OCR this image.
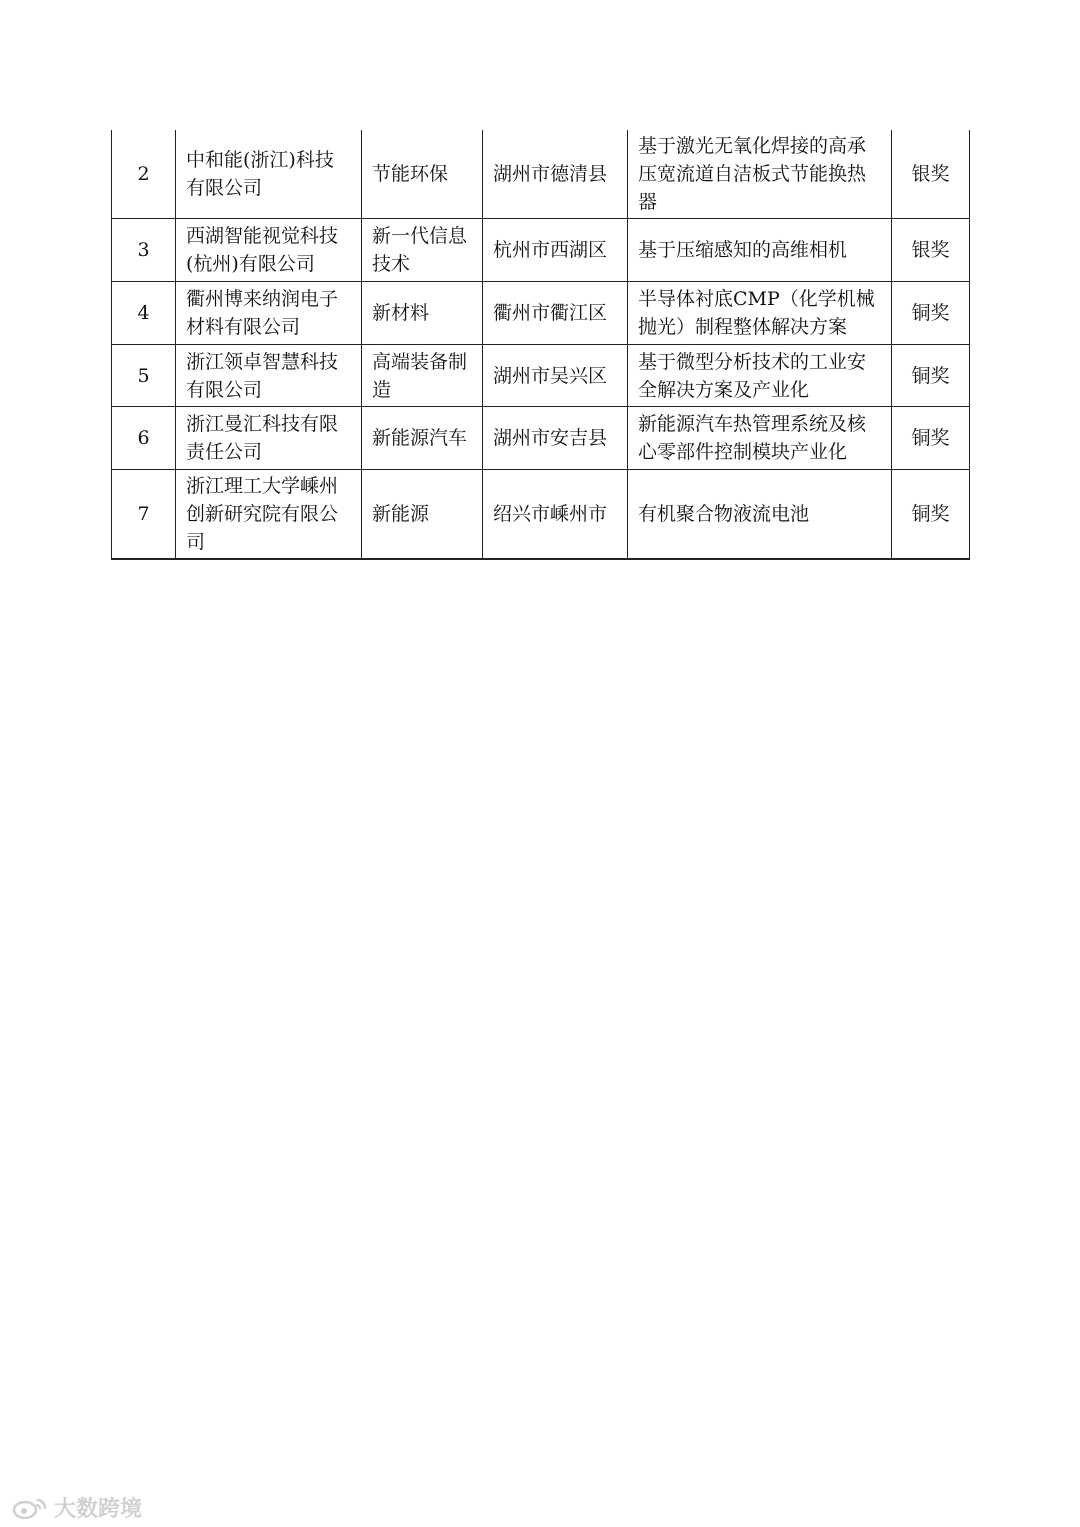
2	中和能(浙江)科技有限公司	节能环保	湖州市德清县	基于激光无氧化焊接的高承压宽流道自洁板式节能换热器	银奖
3	西湖智能视觉科技(杭州)有限公司	新一代信息技术	杭州市西湖区	基于压缩感知的高维相机	银奖
4	衢州博来纳润电子材料有限公司	新材料	衢州市衢江区	半导体衬底CMP（化学机械抛光）制程整体解决方案	铜奖
5	浙江领卓智慧科技有限公司	高端装备制造	湖州市吴兴区	基于微型分析技术的工业安全解决方案及产业化	铜奖
6	浙江曼汇科技有限责任公司	新能源汽车	湖州市安吉县	新能源汽车热管理系统及核心零部件控制模块产业化	铜奖
7	浙江理工大学嵊州创新研究院有限公司	新能源	绍兴市嵊州市	有机聚合物液流电池	铜奖
大数跨境
